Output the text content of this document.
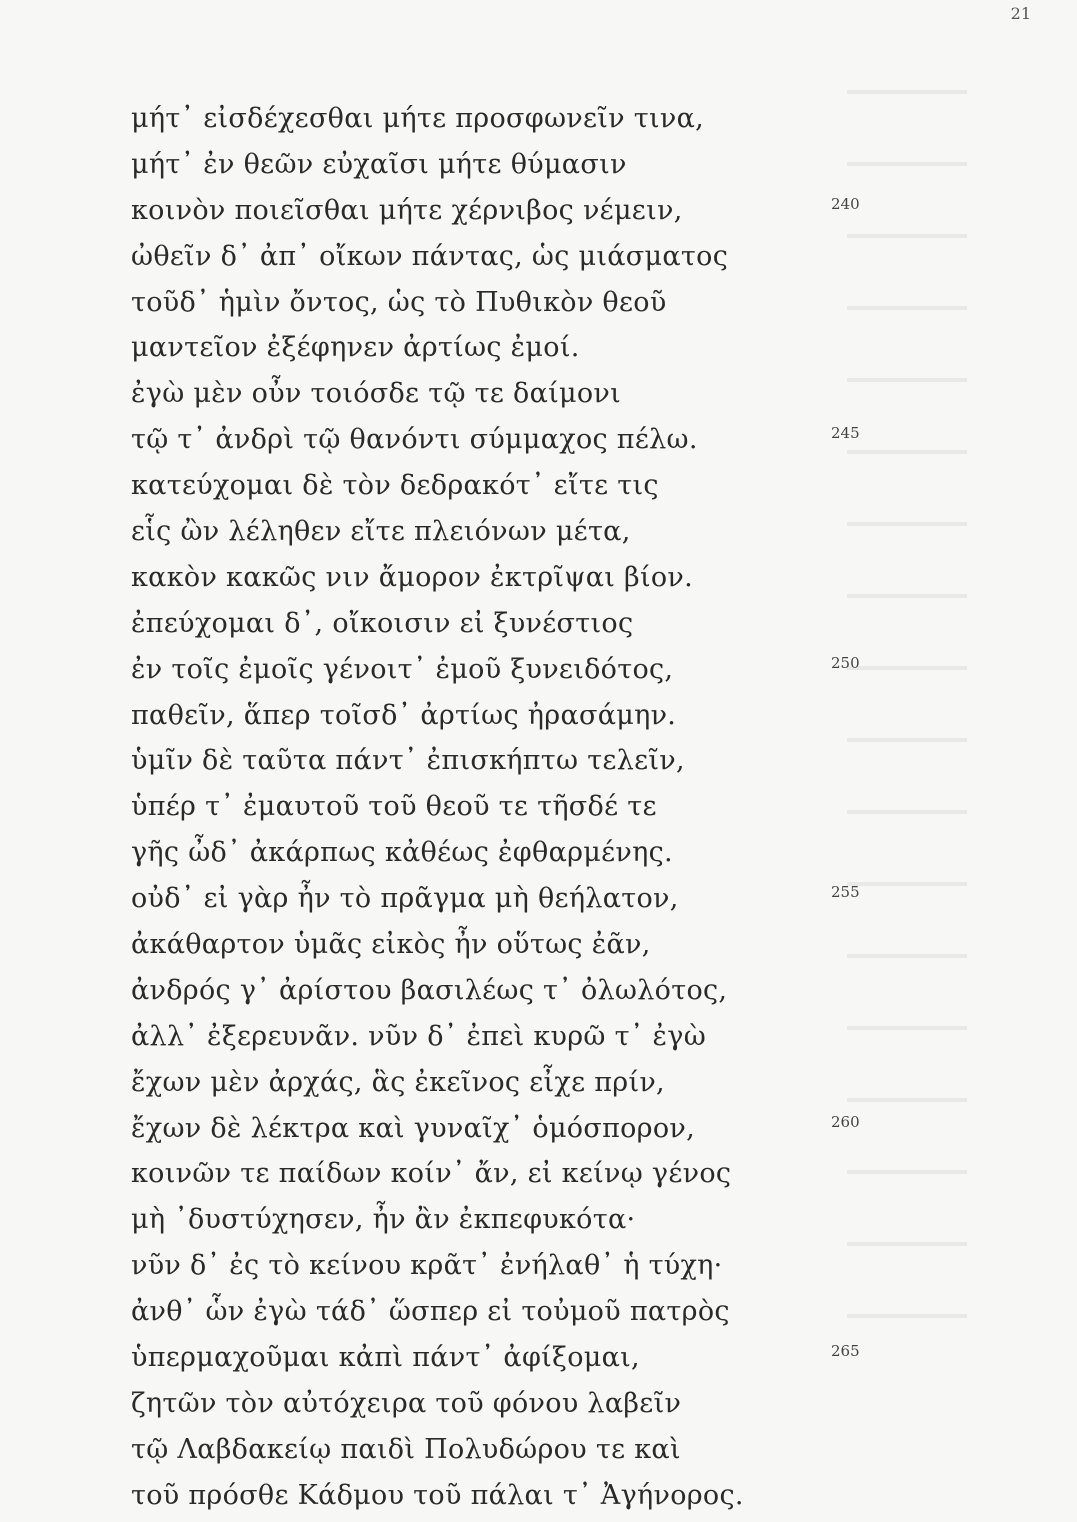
21
μήτ᾽ εἰσδέχεσθαι μήτε προσφωνεῖν τινα,
μήτ᾽ ἐν θεῶν εὐχαῖσι μήτε θύμασιν
κοινὸν ποιεῖσθαι μήτε χέρνιβος νέμειν,	240
ὠθεῖν δ᾽ ἀπ᾽ οἴκων πάντας, ὡς μιάσματος
τοῦδ᾽ ἡμὶν ὄντος, ὡς τὸ Πυθικὸν θεοῦ
μαντεῖον ἐξέφηνεν ἀρτίως ἐμοί.
ἐγὼ μὲν οὖν τοιόσδε τῷ τε δαίμονι
τῷ τ᾽ ἀνδρὶ τῷ θανόντι σύμμαχος πέλω.	245
κατεύχομαι δὲ τὸν δεδρακότ᾽ εἴτε τις
εἷς ὢν λέληθεν εἴτε πλειόνων μέτα,
κακὸν κακῶς νιν ἄμορον ἐκτρῖψαι βίον.
ἐπεύχομαι δ᾽, οἴκοισιν εἰ ξυνέστιος
ἐν τοῖς ἐμοῖς γένοιτ᾽ ἐμοῦ ξυνειδότος,	250
παθεῖν, ἅπερ τοῖσδ᾽ ἀρτίως ἠρασάμην.
ὑμῖν δὲ ταῦτα πάντ᾽ ἐπισκήπτω τελεῖν,
ὑπέρ τ᾽ ἐμαυτοῦ τοῦ θεοῦ τε τῆσδέ τε
γῆς ὦδ᾽ ἀκάρπως κἀθέως ἐφθαρμένης.
οὐδ᾽ εἰ γὰρ ἦν τὸ πρᾶγμα μὴ θεήλατον,	255
ἀκάθαρτον ὑμᾶς εἰκὸς ἦν οὕτως ἐᾶν,
ἀνδρός γ᾽ ἀρίστου βασιλέως τ᾽ ὀλωλότος,
ἀλλ᾽ ἐξερευνᾶν. νῦν δ᾽ ἐπεὶ κυρῶ τ᾽ ἐγὼ
ἔχων μὲν ἀρχάς, ἃς ἐκεῖνος εἶχε πρίν,
ἔχων δὲ λέκτρα καὶ γυναῖχ᾽ ὁμόσπορον,	260
κοινῶν τε παίδων κοίν᾽ ἄν, εἰ κείνῳ γένος
μὴ ᾽δυστύχησεν, ἦν ἂν ἐκπεφυκότα·
νῦν δ᾽ ἐς τὸ κείνου κρᾶτ᾽ ἐνήλαθ᾽ ἡ τύχη·
ἀνθ᾽ ὧν ἐγὼ τάδ᾽ ὥσπερ εἰ τοὐμοῦ πατρὸς
ὑπερμαχοῦμαι κἀπὶ πάντ᾽ ἀφίξομαι,	265
ζητῶν τὸν αὐτόχειρα τοῦ φόνου λαβεῖν
τῷ Λαβδακείῳ παιδὶ Πολυδώρου τε καὶ
τοῦ πρόσθε Κάδμου τοῦ πάλαι τ᾽ Ἀγήνορος.
